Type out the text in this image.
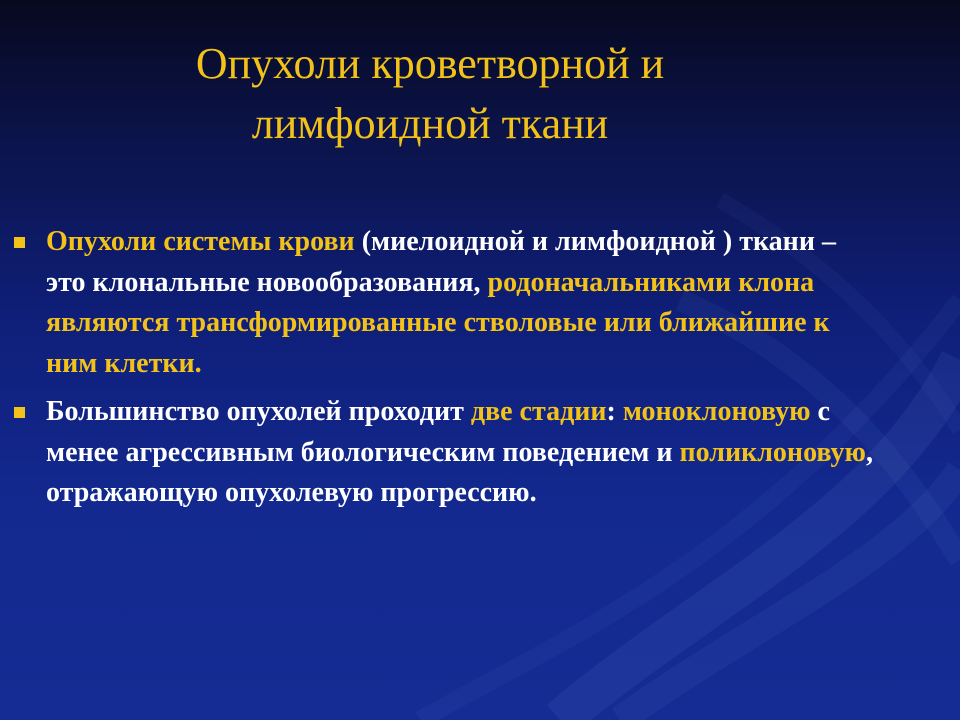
Опухоли кроветворной и
лимфоидной ткани
Опухоли системы крови (миелоидной и лимфоидной ) ткани – это клональные новообразования, родоначальниками клона являются трансформированные стволовые или ближайшие к ним клетки.
Большинство опухолей проходит две стадии: моноклоновую с менее агрессивным биологическим поведением и поликлоновую, отражающую опухолевую прогрессию.
